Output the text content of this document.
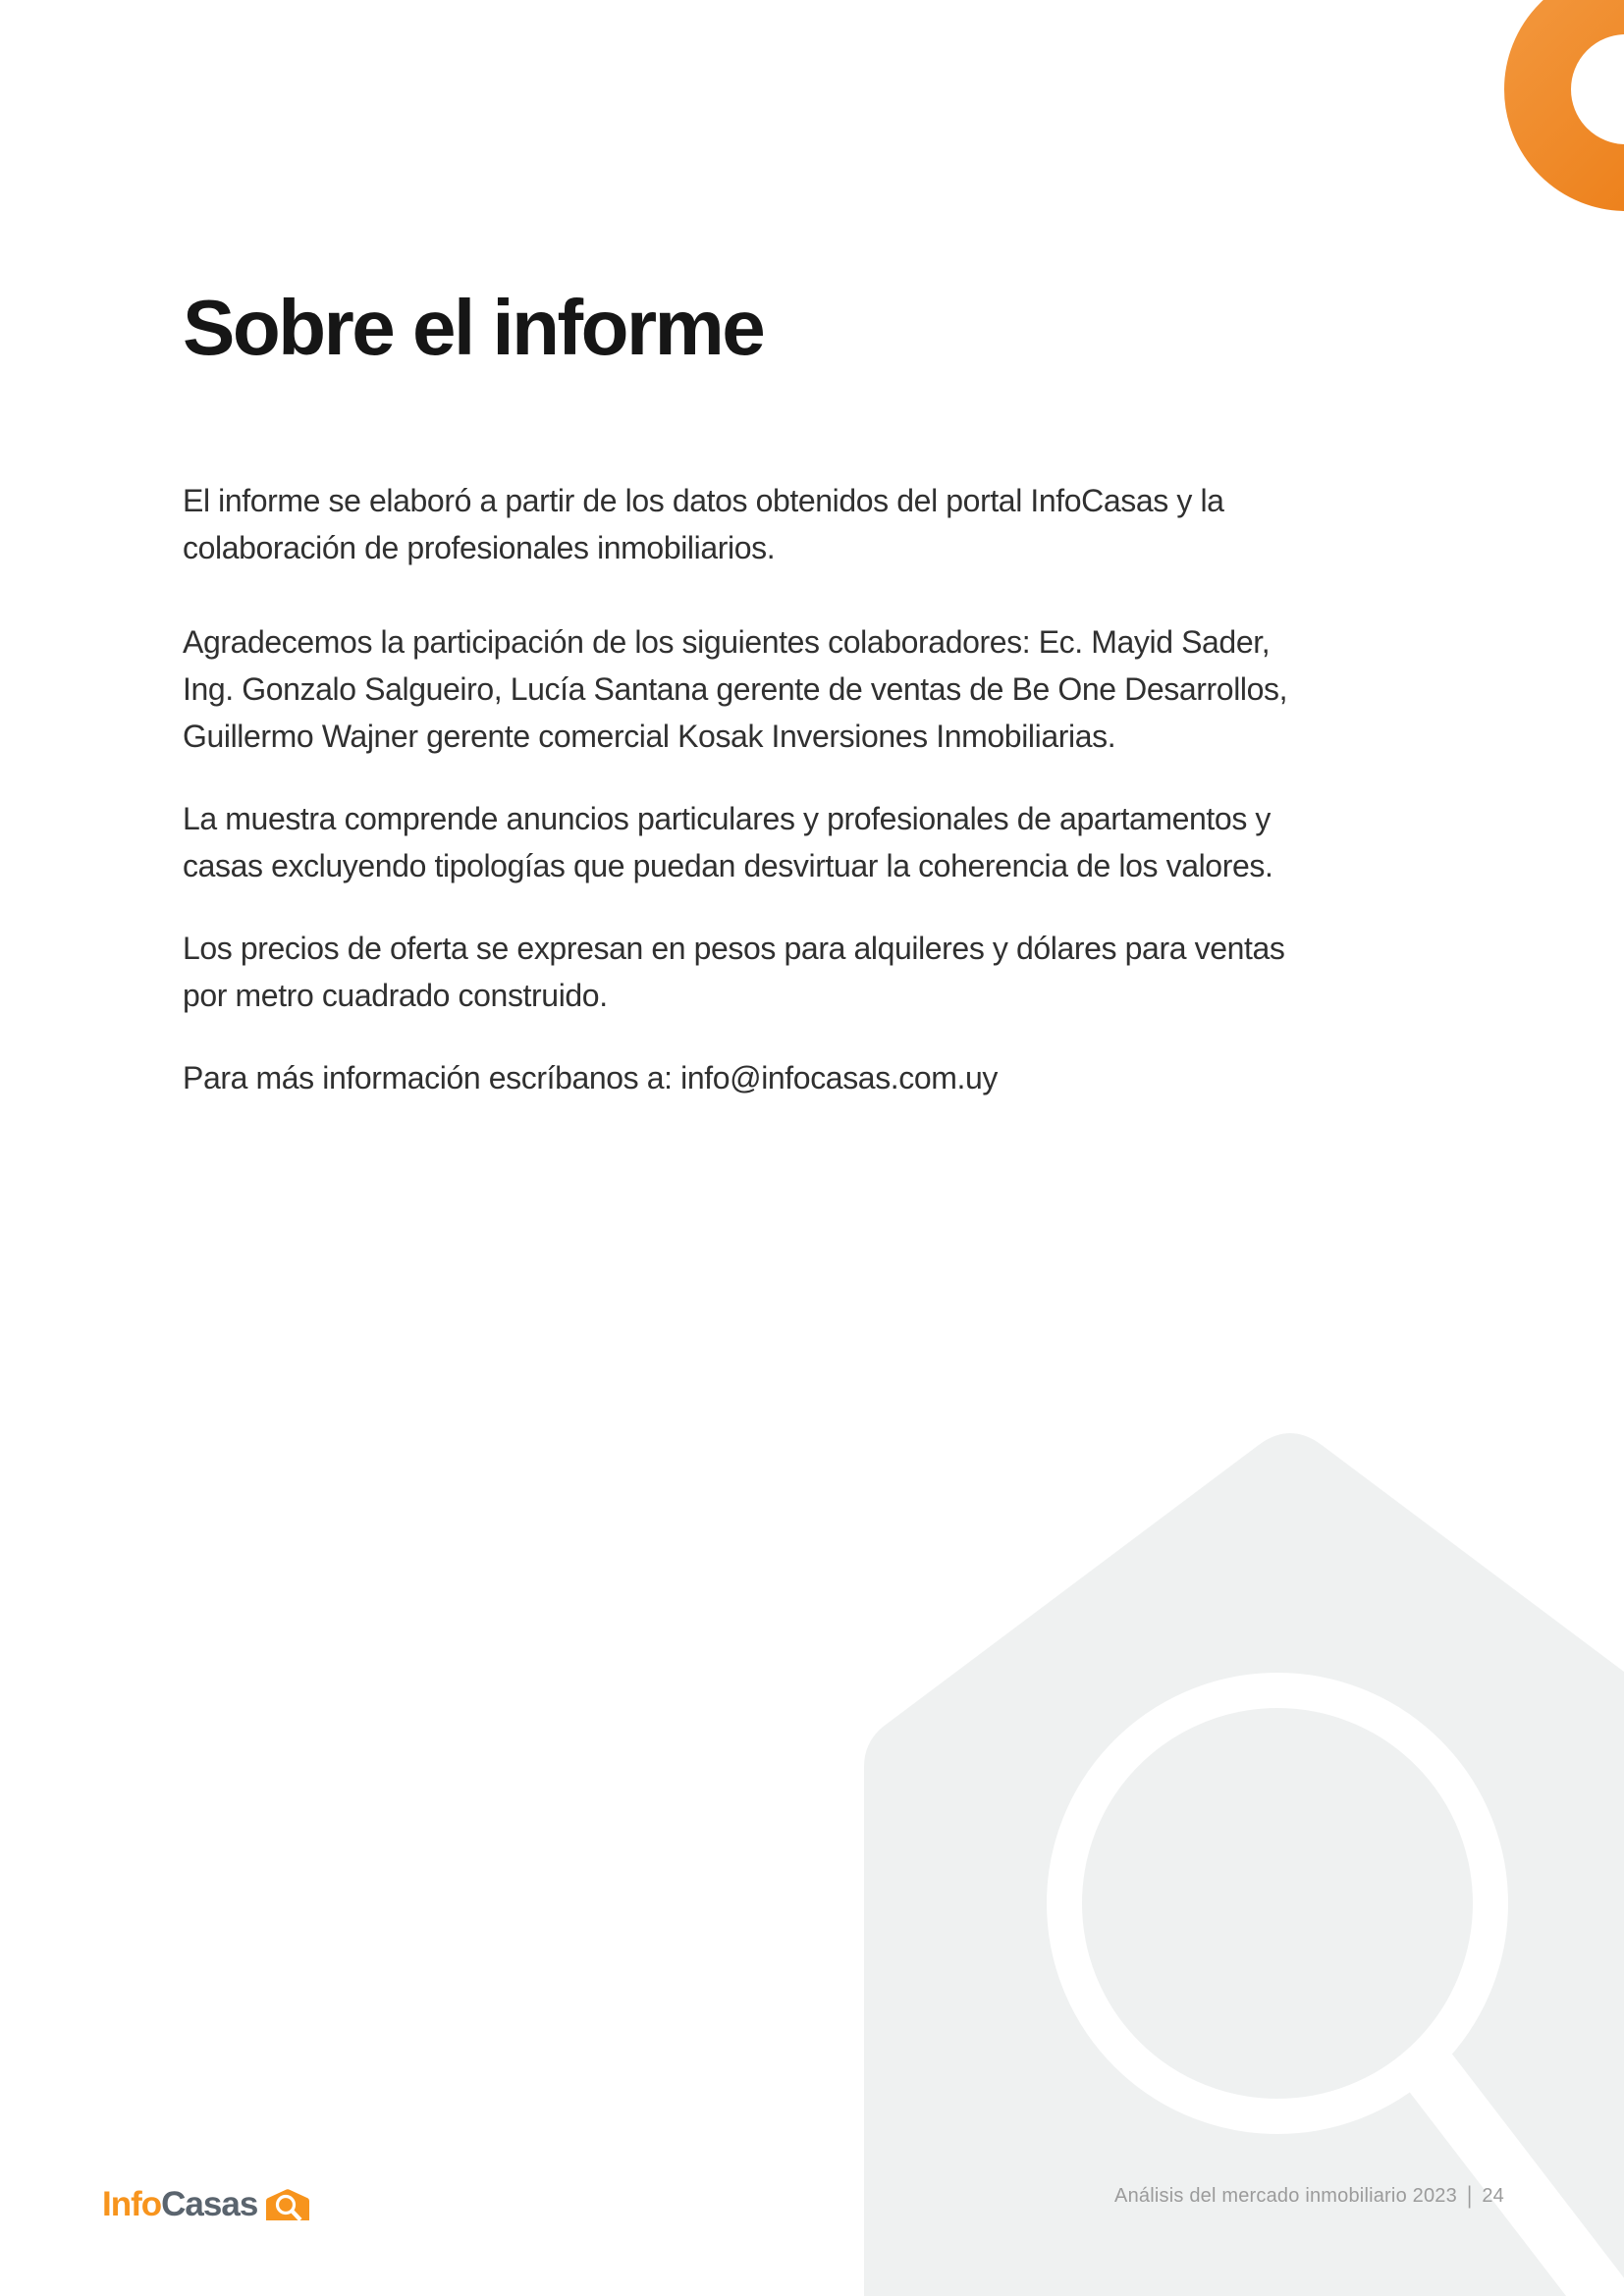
Sobre el informe

El informe se elaboró a partir de los datos obtenidos del portal InfoCasas y la
colaboración de profesionales inmobiliarios.

Agradecemos la participación de los siguientes colaboradores: Ec. Mayid Sader,
Ing. Gonzalo Salgueiro, Lucía Santana gerente de ventas de Be One Desarrollos,
Guillermo Wajner gerente comercial Kosak Inversiones Inmobiliarias.

La muestra comprende anuncios particulares y profesionales de apartamentos y
casas excluyendo tipologías que puedan desvirtuar la coherencia de los valores.

Los precios de oferta se expresan en pesos para alquileres y dólares para ventas
por metro cuadrado construido.

Para más información escríbanos a: info@infocasas.com.uy

InfoCasas	Análisis del mercado inmobiliario 2023 | 24
